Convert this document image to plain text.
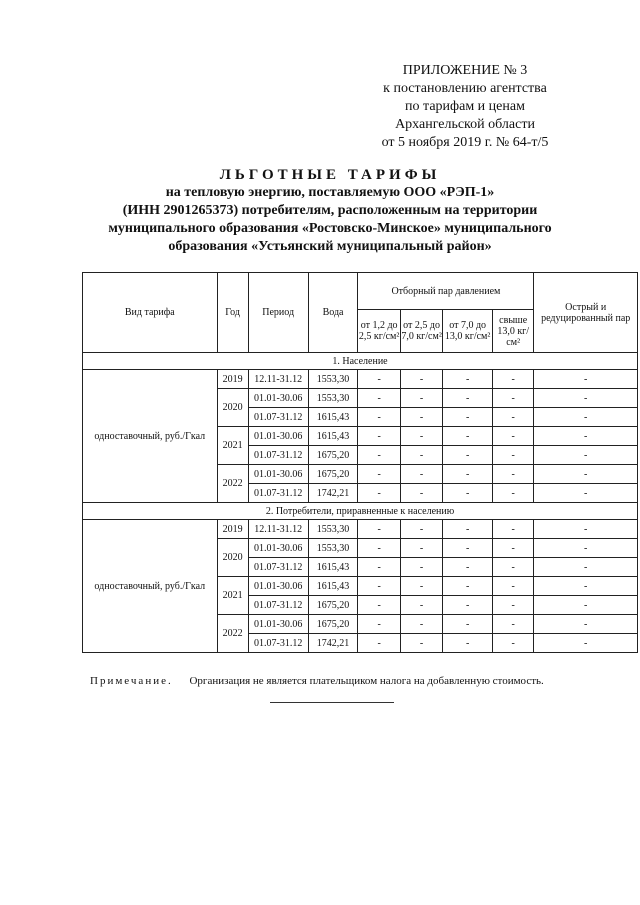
ПРИЛОЖЕНИЕ № 3
к постановлению агентства
по тарифам и ценам
Архангельской области
от 5 ноября 2019 г. № 64-т/5
ЛЬГОТНЫЕ ТАРИФЫ
на тепловую энергию, поставляемую ООО «РЭП-1»
(ИНН 2901265373) потребителям, расположенным на территории
муниципального образования «Ростовско-Минское» муниципального
образования «Устьянский муниципальный район»
Вид тарифа	Год	Период	Вода	Отборный пар давлением				Острый и редуцированный пар
				от 1,2 до 2,5 кг/см²	от 2,5 до 7,0 кг/см²	от 7,0 до 13,0 кг/см²	свыше 13,0 кг/см²	
1. Население								
одноставочный, руб./Гкал	2019	12.11-31.12	1553,30	-	-	-	-	-
	2020	01.01-30.06	1553,30	-	-	-	-	-
		01.07-31.12	1615,43	-	-	-	-	-
	2021	01.01-30.06	1615,43	-	-	-	-	-
		01.07-31.12	1675,20	-	-	-	-	-
	2022	01.01-30.06	1675,20	-	-	-	-	-
		01.07-31.12	1742,21	-	-	-	-	-
2. Потребители, приравненные к населению								
одноставочный, руб./Гкал	2019	12.11-31.12	1553,30	-	-	-	-	-
	2020	01.01-30.06	1553,30	-	-	-	-	-
		01.07-31.12	1615,43	-	-	-	-	-
	2021	01.01-30.06	1615,43	-	-	-	-	-
		01.07-31.12	1675,20	-	-	-	-	-
	2022	01.01-30.06	1675,20	-	-	-	-	-
		01.07-31.12	1742,21	-	-	-	-	-
Примечание. Организация не является плательщиком налога на добавленную стоимость.
